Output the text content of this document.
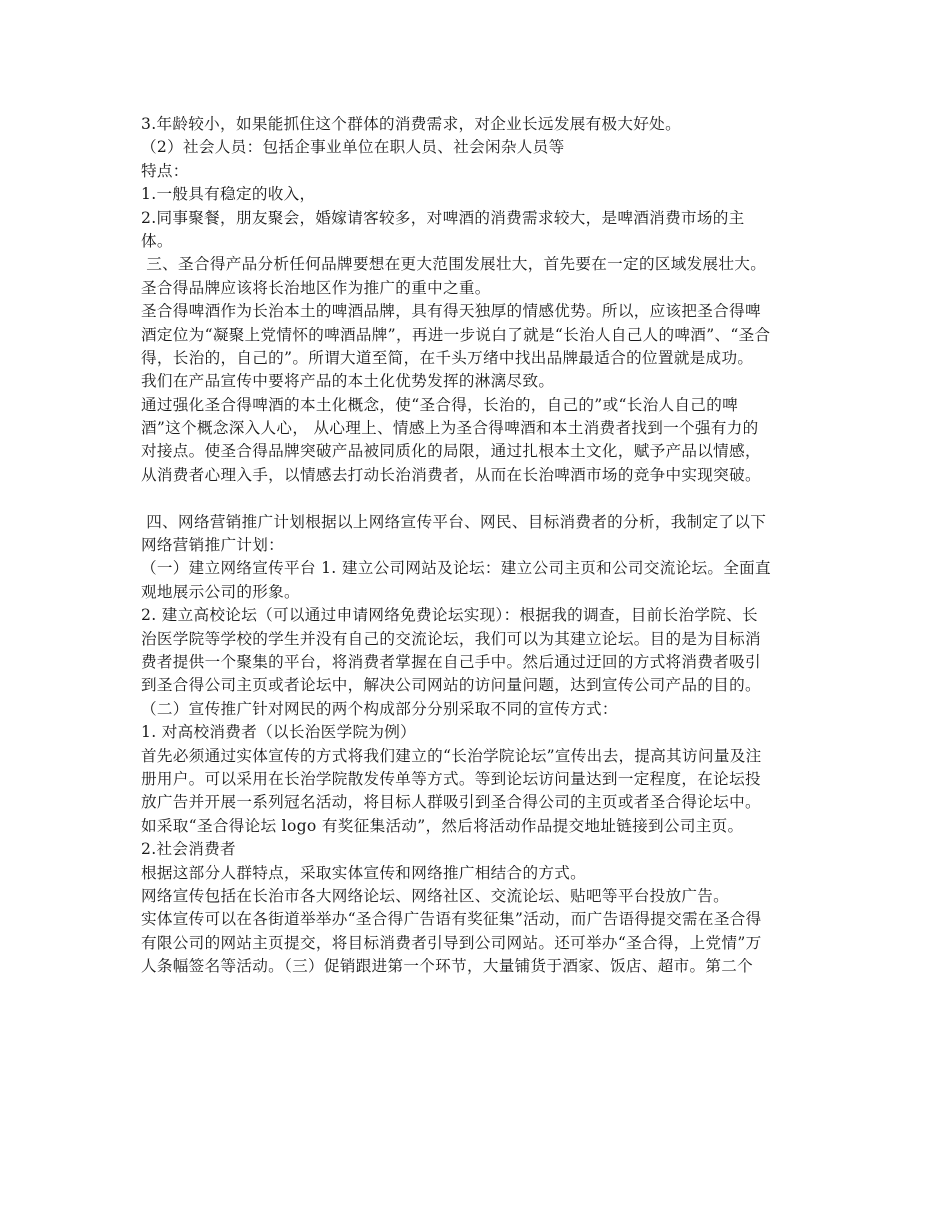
3.年龄较小，如果能抓住这个群体的消费需求，对企业长远发展有极大好处。
（2）社会人员：包括企事业单位在职人员、社会闲杂人员等
特点：
1.一般具有稳定的收入，
2.同事聚餐，朋友聚会，婚嫁请客较多，对啤酒的消费需求较大，是啤酒消费市场的主
体。
三、圣合得产品分析任何品牌要想在更大范围发展壮大，首先要在一定的区域发展壮大。
圣合得品牌应该将长治地区作为推广的重中之重。
圣合得啤酒作为长治本土的啤酒品牌，具有得天独厚的情感优势。所以，应该把圣合得啤
酒定位为“凝聚上党情怀的啤酒品牌”，再进一步说白了就是“长治人自己人的啤酒”、“圣合
得，长治的，自己的”。所谓大道至简，在千头万绪中找出品牌最适合的位置就是成功。
我们在产品宣传中要将产品的本土化优势发挥的淋漓尽致。
通过强化圣合得啤酒的本土化概念，使“圣合得，长治的，自己的”或“长治人自己的啤
酒”这个概念深入人心， 从心理上、情感上为圣合得啤酒和本土消费者找到一个强有力的
对接点。使圣合得品牌突破产品被同质化的局限，通过扎根本土文化，赋予产品以情感，
从消费者心理入手，以情感去打动长治消费者，从而在长治啤酒市场的竞争中实现突破。
四、网络营销推广计划根据以上网络宣传平台、网民、目标消费者的分析，我制定了以下
网络营销推广计划：
（一）建立网络宣传平台 1. 建立公司网站及论坛：建立公司主页和公司交流论坛。全面直
观地展示公司的形象。
2. 建立高校论坛（可以通过申请网络免费论坛实现）：根据我的调查，目前长治学院、长
治医学院等学校的学生并没有自己的交流论坛，我们可以为其建立论坛。目的是为目标消
费者提供一个聚集的平台，将消费者掌握在自己手中。然后通过迂回的方式将消费者吸引
到圣合得公司主页或者论坛中，解决公司网站的访问量问题，达到宣传公司产品的目的。
（二）宣传推广针对网民的两个构成部分分别采取不同的宣传方式：
1. 对高校消费者（以长治医学院为例）
首先必须通过实体宣传的方式将我们建立的“长治学院论坛”宣传出去，提高其访问量及注
册用户。可以采用在长治学院散发传单等方式。等到论坛访问量达到一定程度，在论坛投
放广告并开展一系列冠名活动，将目标人群吸引到圣合得公司的主页或者圣合得论坛中。
如采取“圣合得论坛 logo 有奖征集活动”，然后将活动作品提交地址链接到公司主页。
2.社会消费者
根据这部分人群特点，采取实体宣传和网络推广相结合的方式。
网络宣传包括在长治市各大网络论坛、网络社区、交流论坛、贴吧等平台投放广告。
实体宣传可以在各街道举举办“圣合得广告语有奖征集”活动，而广告语得提交需在圣合得
有限公司的网站主页提交，将目标消费者引导到公司网站。还可举办“圣合得，上党情”万
人条幅签名等活动。（三）促销跟进第一个环节，大量铺货于酒家、饭店、超市。第二个
